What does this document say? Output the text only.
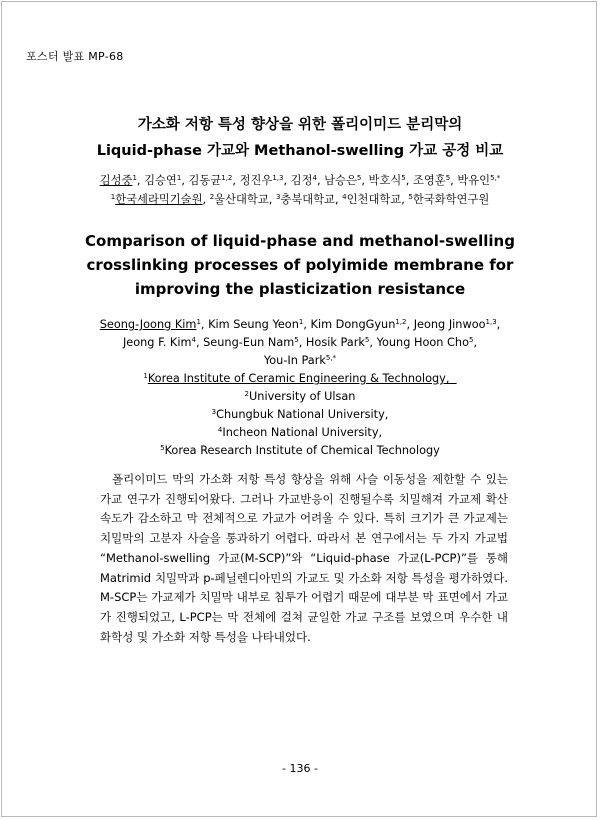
포스터 발표 MP-68
가소화 저항 특성 향상을 위한 폴리이미드 분리막의
Liquid-phase 가교와 Methanol-swelling 가교 공정 비교
김성중$^1$, 김승연$^1$, 김동균$^{1,2}$, 정진우$^{1,3}$, 김정$^4$, 남승은$^5$, 박호식$^5$, 조영훈$^5$, 박유인$^{5,*}$
$^1$한국세라믹기술원, $^2$울산대학교, $^3$충북대학교, $^4$인천대학교, $^5$한국화학연구원
Comparison of liquid-phase and methanol-swelling
crosslinking processes of polyimide membrane for
improving the plasticization resistance
Seong-Joong Kim$^1$, Kim Seung Yeon$^1$, Kim DongGyun$^{1,2}$, Jeong Jinwoo$^{1,3}$,
Jeong F. Kim$^4$, Seung-Eun Nam$^5$, Hosik Park$^5$, Young Hoon Cho$^5$,
You-In Park$^{5,*}$
$^1$Korea Institute of Ceramic Engineering & Technology,
$^2$University of Ulsan
$^3$Chungbuk National University,
$^4$Incheon National University,
$^5$Korea Research Institute of Chemical Technology

폴리이미드 막의 가소화 저항 특성 향상을 위해 사슬 이동성을 제한할 수 있는 가교 연구가 진행되어왔다. 그러나 가교반응이 진행될수록 치밀해져 가교제 확산 속도가 감소하고 막 전체적으로 가교가 어려울 수 있다. 특히 크기가 큰 가교제는 치밀막의 고분자 사슬을 통과하기 어렵다. 따라서 본 연구에서는 두 가지 가교법 “Methanol-swelling 가교(M-SCP)”와 “Liquid-phase 가교(L-PCP)”를 통해 Matrimid 치밀막과 p-페닐렌디아민의 가교도 및 가소화 저항 특성을 평가하였다. M-SCP는 가교제가 치밀막 내부로 침투가 어렵기 때문에 대부분 막 표면에서 가교가 진행되었고, L-PCP는 막 전체에 걸쳐 균일한 가교 구조를 보였으며 우수한 내화학성 및 가소화 저항 특성을 나타내었다.

- 136 -
